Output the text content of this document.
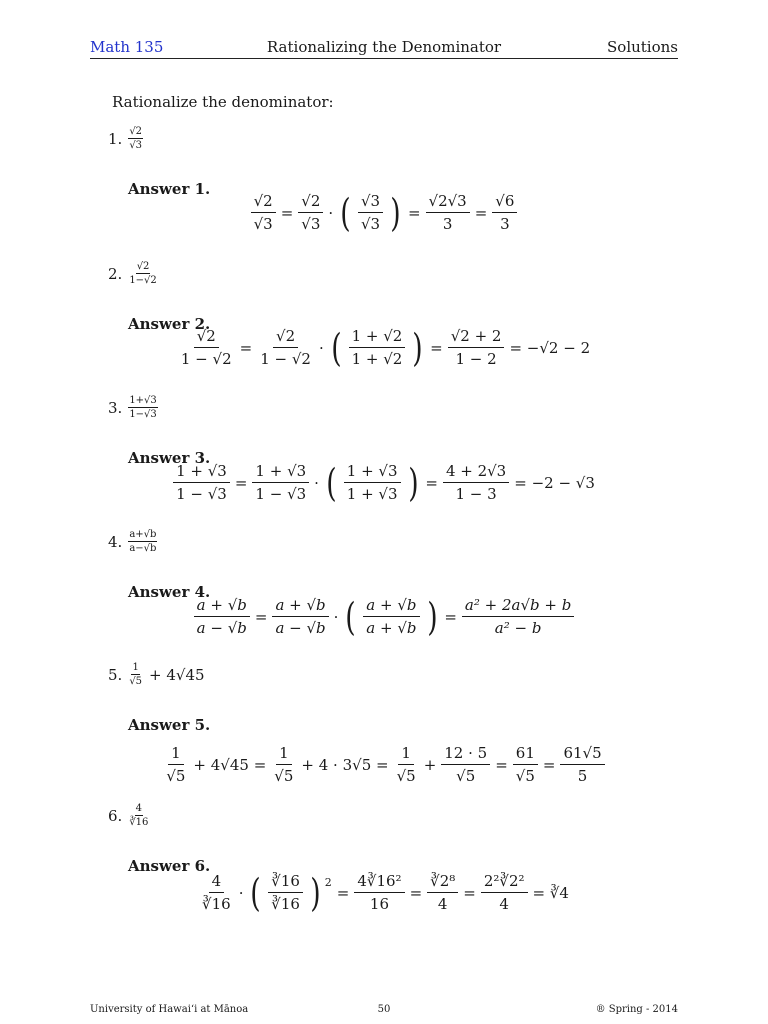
Math 135	Rationalizing the Denominator	Solutions
Rationalize the denominator:
1. $\frac{√2}{√3}$
Answer 1.
$\frac{√2}{√3} = \frac{√2}{√3}$ · ( $\frac{√3}{√3}$ ) = $\frac{√2√3}{3} = \frac{√6}{3}$
2. $\frac{√2}{1-√2}$
Answer 2.
$\frac{√2}{1 - √2} = \frac{√2}{1 - √2}$ · ( $\frac{1 + √2}{1 + √2}$ ) = $\frac{√2 + 2}{1 - 2} = -√2 - 2$
3. $\frac{1+√3}{1-√3}$
Answer 3.
$\frac{1 + √3}{1 - √3} = \frac{1 + √3}{1 - √3}$ · ( $\frac{1 + √3}{1 + √3}$ ) = $\frac{4 + 2√3}{1 - 3} = -2 - √3$
4. $\frac{a+√b}{a-√b}$
Answer 4.
$\frac{a + √b}{a - √b} = \frac{a + √b}{a - √b}$ · ( $\frac{a + √b}{a + √b}$ ) = $\frac{\text{a² + 2a√b + b}}{\text{a² − b}}$
5. $\frac{1}{√5} + 4√45$
Answer 5.
$\frac{1}{√5} + 4√45 = \frac{1}{√5} + 4 \cdot 3√5 = \frac{1}{√5} + \frac{12 \cdot 5}{√5} = \frac{61}{√5} = \frac{61√5}{5}$
6. $\frac{4}{∛16}$
Answer 6.
$\frac{4}{∛16}$ · ( $\frac{∛16}{∛16}$ ) 2
= $\frac{\text{4∛16²}}{16} = \frac{\text{∛2⁸}}{4} = \frac{\text{2²∛2²}}{4}$ = ∛4
University of Hawai‘i at Mānoa	50	® Spring - 2014
